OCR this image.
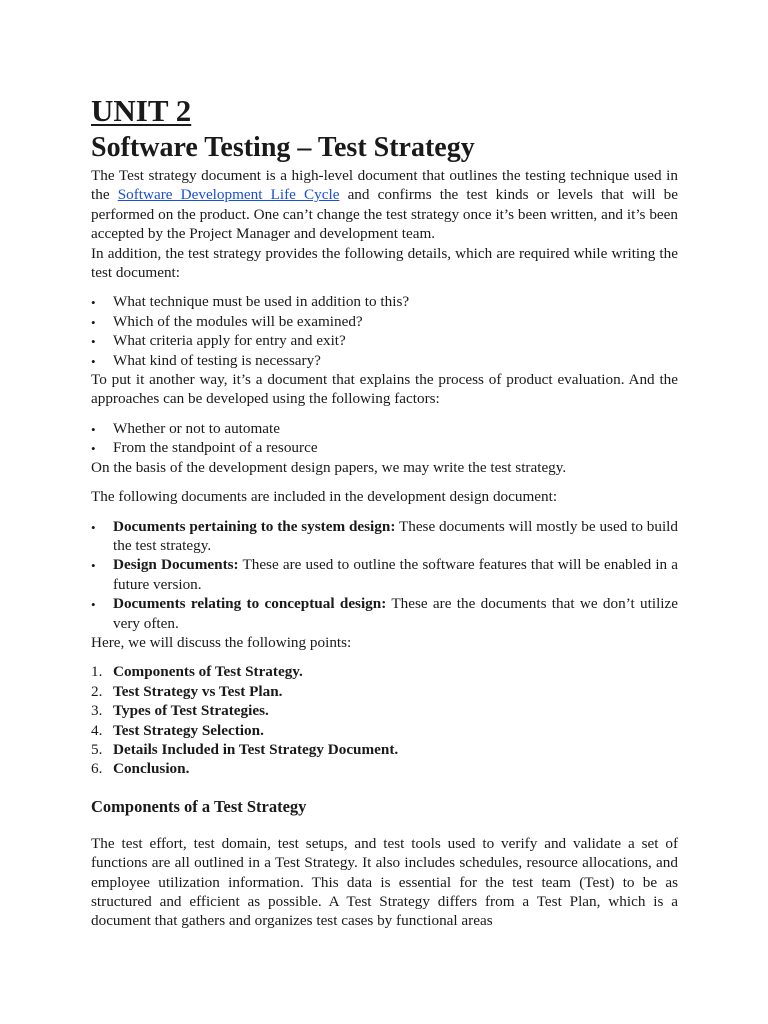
UNIT 2
Software Testing – Test Strategy

The Test strategy document is a high-level document that outlines the testing technique used in the Software Development Life Cycle and confirms the test kinds or levels that will be performed on the product. One can’t change the test strategy once it’s been written, and it’s been accepted by the Project Manager and development team.

In addition, the test strategy provides the following details, which are required while writing the test document:

• What technique must be used in addition to this?
• Which of the modules will be examined?
• What criteria apply for entry and exit?
• What kind of testing is necessary?

To put it another way, it’s a document that explains the process of product evaluation. And the approaches can be developed using the following factors:

• Whether or not to automate
• From the standpoint of a resource

On the basis of the development design papers, we may write the test strategy.

The following documents are included in the development design document:

• Documents pertaining to the system design: These documents will mostly be used to build the test strategy.
• Design Documents: These are used to outline the software features that will be enabled in a future version.
• Documents relating to conceptual design: These are the documents that we don’t utilize very often.

Here, we will discuss the following points:

1. Components of Test Strategy.
2. Test Strategy vs Test Plan.
3. Types of Test Strategies.
4. Test Strategy Selection.
5. Details Included in Test Strategy Document.
6. Conclusion.
Components of a Test Strategy

The test effort, test domain, test setups, and test tools used to verify and validate a set of functions are all outlined in a Test Strategy. It also includes schedules, resource allocations, and employee utilization information. This data is essential for the test team (Test) to be as structured and efficient as possible. A Test Strategy differs from a Test Plan, which is a document that gathers and organizes test cases by functional areas
